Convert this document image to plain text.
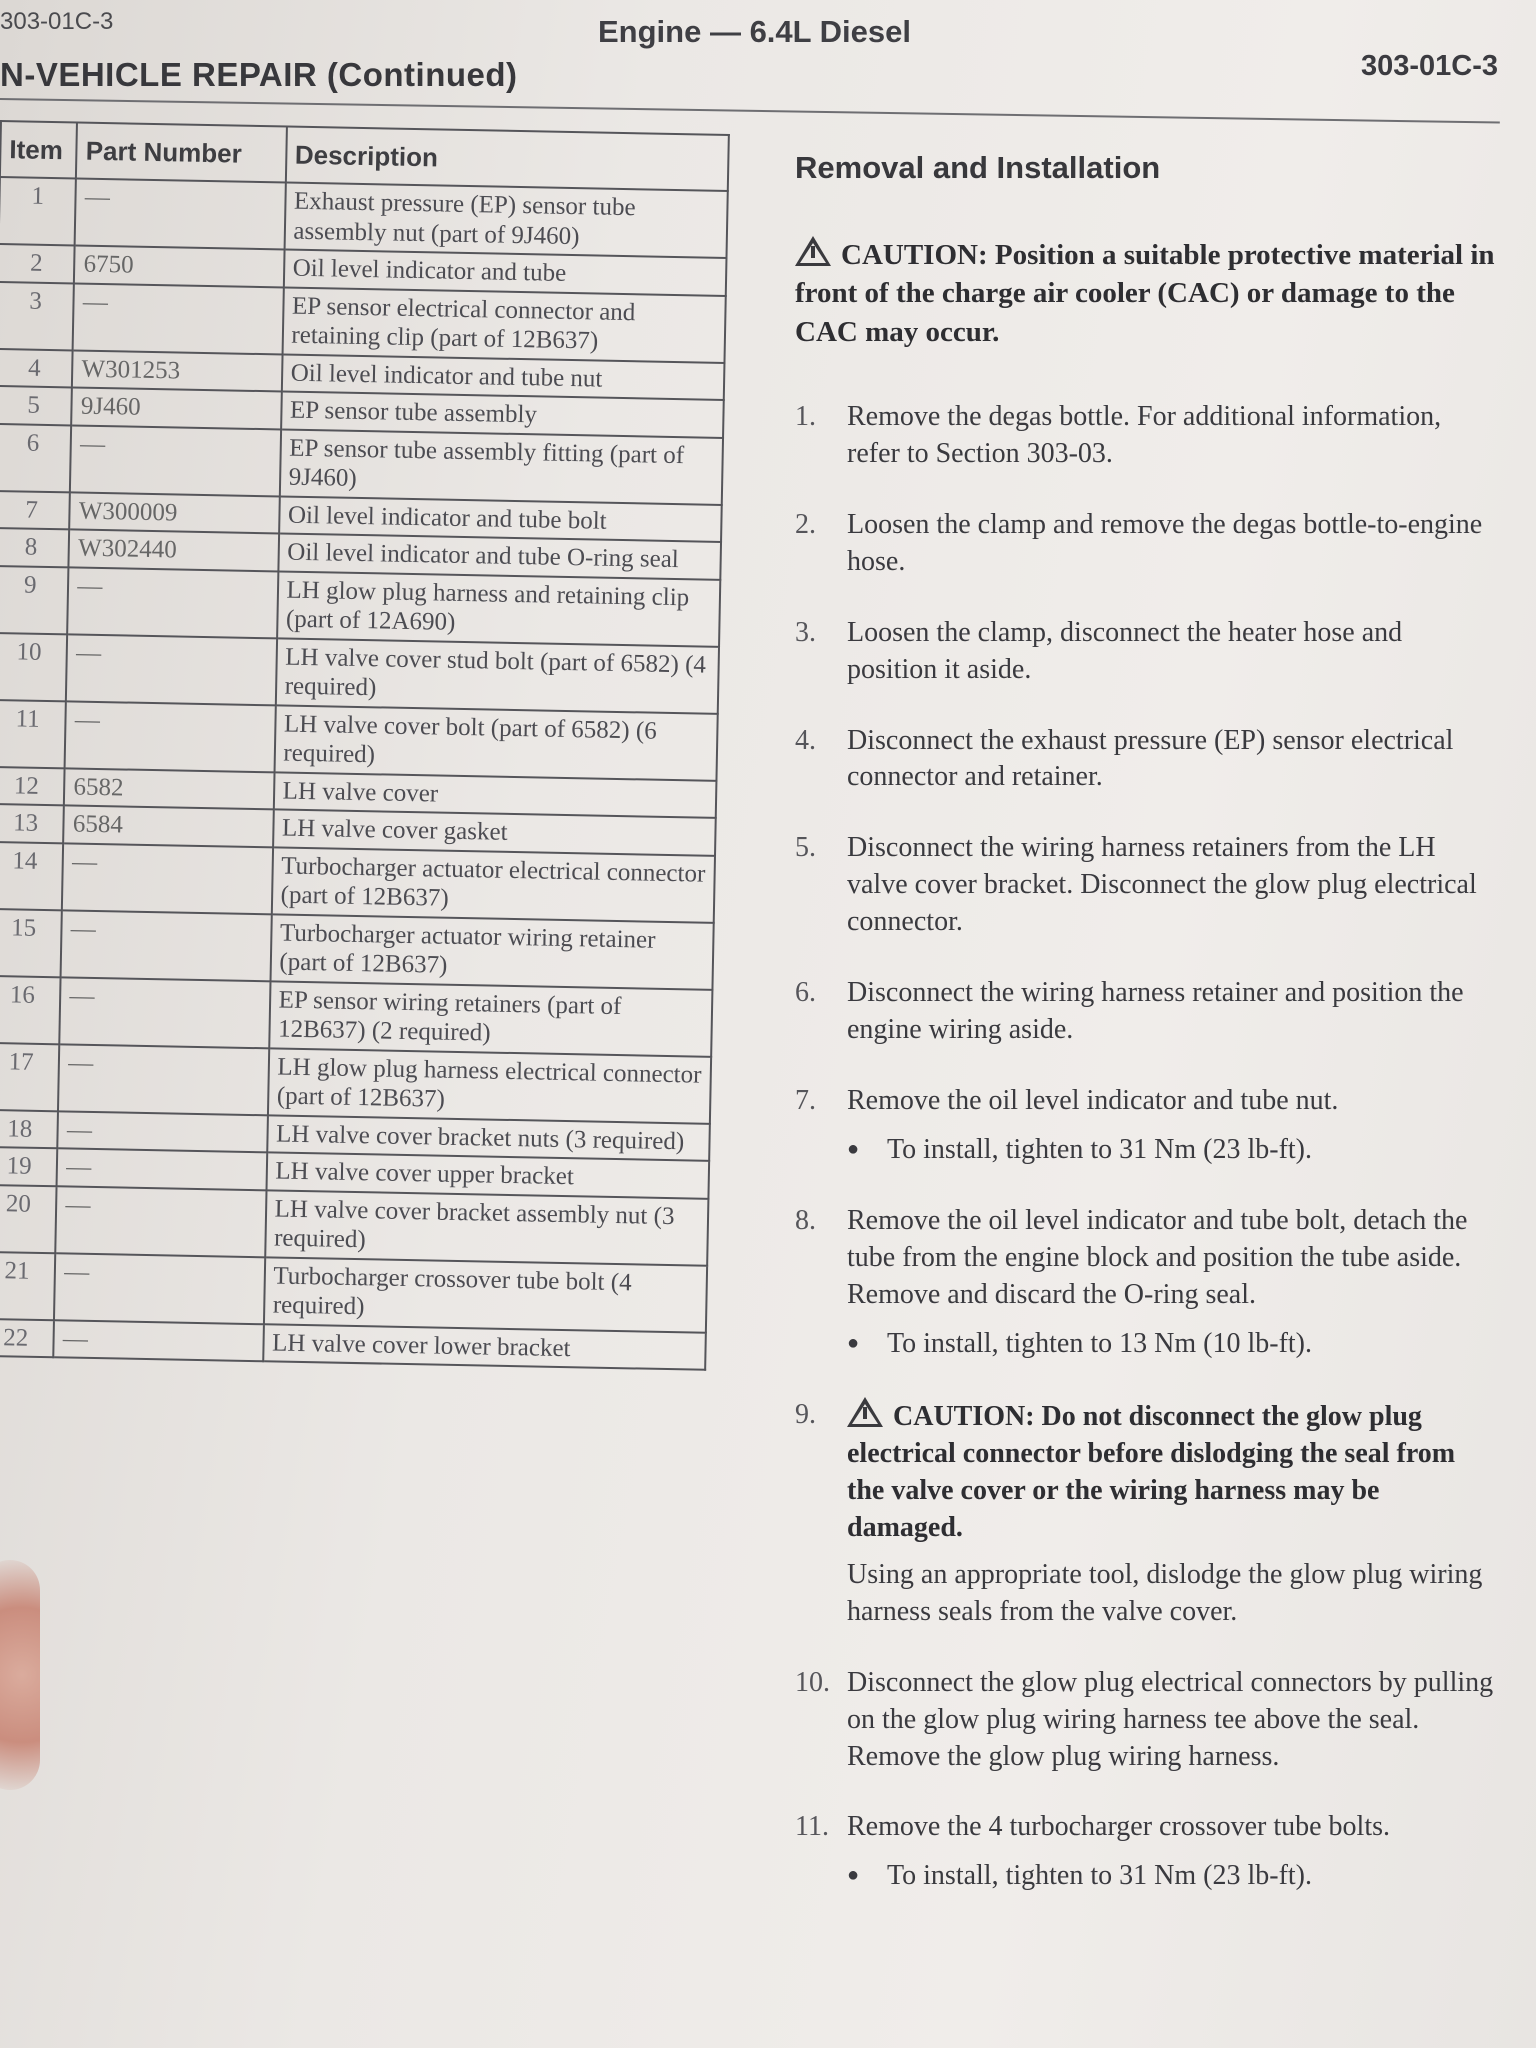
303-01C-3	Engine — 6.4L Diesel
303-01C-3
N-VEHICLE REPAIR (Continued)
Item	Part Number	Description
1	—	Exhaust pressure (EP) sensor tube assembly nut (part of 9J460)
2	6750	Oil level indicator and tube
3	—	EP sensor electrical connector and retaining clip (part of 12B637)
4	W301253	Oil level indicator and tube nut
5	9J460	EP sensor tube assembly
6	—	EP sensor tube assembly fitting (part of 9J460)
7	W300009	Oil level indicator and tube bolt
8	W302440	Oil level indicator and tube O-ring seal
9	—	LH glow plug harness and retaining clip (part of 12A690)
10	—	LH valve cover stud bolt (part of 6582) (4 required)
11	—	LH valve cover bolt (part of 6582) (6 required)
12	6582	LH valve cover
13	6584	LH valve cover gasket
14	—	Turbocharger actuator electrical connector (part of 12B637)
15	—	Turbocharger actuator wiring retainer (part of 12B637)
16	—	EP sensor wiring retainers (part of 12B637) (2 required)
17	—	LH glow plug harness electrical connector (part of 12B637)
18	—	LH valve cover bracket nuts (3 required)
19	—	LH valve cover upper bracket
20	—	LH valve cover bracket assembly nut (3 required)
21	—	Turbocharger crossover tube bolt (4 required)
22	—	LH valve cover lower bracket
Removal and Installation
CAUTION: Position a suitable protective material in front of the charge air cooler (CAC) or damage to the CAC may occur.
1.	Remove the degas bottle. For additional information, refer to Section 303-03.
2.	Loosen the clamp and remove the degas bottle-to-engine hose.
3.	Loosen the clamp, disconnect the heater hose and position it aside.
4.	Disconnect the exhaust pressure (EP) sensor electrical connector and retainer.
5.	Disconnect the wiring harness retainers from the LH valve cover bracket. Disconnect the glow plug electrical connector.
6.	Disconnect the wiring harness retainer and position the engine wiring aside.
7.	Remove the oil level indicator and tube nut.
● To install, tighten to 31 Nm (23 lb-ft).
8.	Remove the oil level indicator and tube bolt, detach the tube from the engine block and position the tube aside. Remove and discard the O-ring seal.
● To install, tighten to 13 Nm (10 lb-ft).
9.	CAUTION: Do not disconnect the glow plug electrical connector before dislodging the seal from the valve cover or the wiring harness may be damaged.
Using an appropriate tool, dislodge the glow plug wiring harness seals from the valve cover.
10. Disconnect the glow plug electrical connectors by pulling on the glow plug wiring harness tee above the seal. Remove the glow plug wiring harness.
11. Remove the 4 turbocharger crossover tube bolts.
● To install, tighten to 31 Nm (23 lb-ft).
